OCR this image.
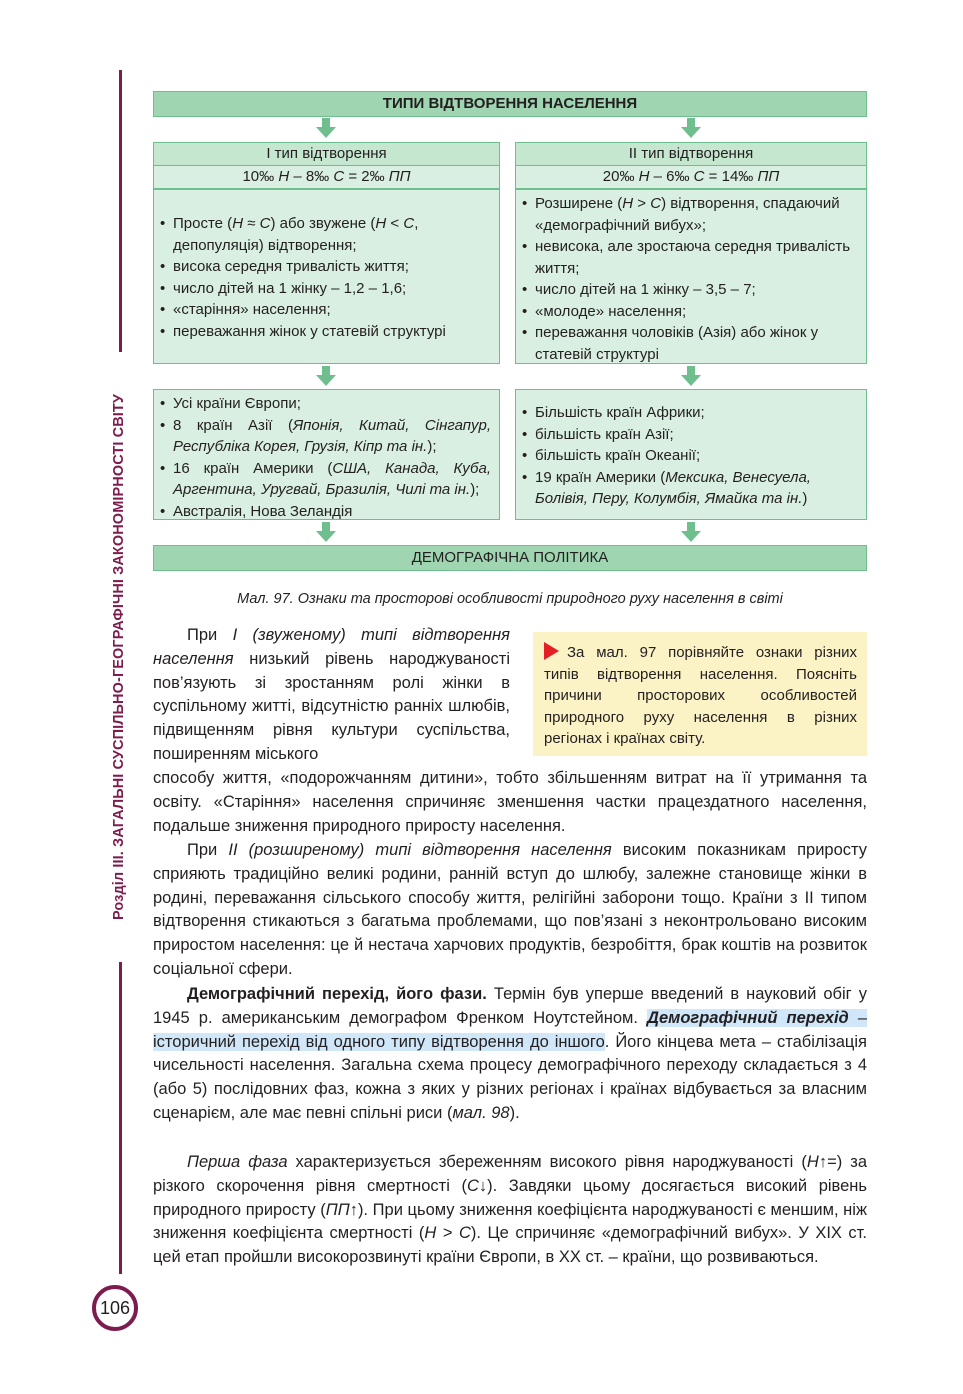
Розділ ІІІ. ЗАГАЛЬНІ СУСПІЛЬНО-ГЕОГРАФІЧНІ ЗАКОНОМІРНОСТІ СВІТУ
106
ТИПИ ВІДТВОРЕННЯ НАСЕЛЕННЯ
І тип відтворення
10‰ Н – 8‰ С = 2‰ ПП
• Просте (Н ≈ С) або звужене (Н < С, депопуляція) відтворення;
• висока середня тривалість життя;
• число дітей на 1 жінку – 1,2 – 1,6;
• «старіння» населення;
• переважання жінок у статевій структурі
ІІ тип відтворення
20‰ Н – 6‰ С = 14‰ ПП
• Розширене (Н > С) відтворення, спадаючий «демографічний вибух»;
• невисока, але зростаюча середня тривалість життя;
• число дітей на 1 жінку – 3,5 – 7;
• «молоде» населення;
• переважання чоловіків (Азія) або жінок у статевій структурі
• Усі країни Європи;
• 8 країн Азії (Японія, Китай, Сінгапур, Республіка Корея, Грузія, Кіпр та ін.);
• 16 країн Америки (США, Канада, Куба, Аргентина, Уругвай, Бразилія, Чилі та ін.);
• Австралія, Нова Зеландія
• Більшість країн Африки;
• більшість країн Азії;
• більшість країн Океанії;
• 19 країн Америки (Мексика, Венесуела, Болівія, Перу, Колумбія, Ямайка та ін.)
ДЕМОГРАФІЧНА ПОЛІТИКА
Мал. 97. Ознаки та просторові особливості природного руху населення в світі
За мал. 97 порівняйте ознаки різних типів відтворення населення. Поясніть причини просторових особливостей природного руху населення в різних регіонах і країнах світу.
При І (звуженому) типі відтворення населення низький рівень народжуваності пов’язують зі зростанням ролі жінки в суспільному житті, відсутністю ранніх шлюбів, підвищенням рівня культури суспільства, поширенням міського
способу життя, «подорожчанням дитини», тобто збільшенням витрат на її утримання та освіту. «Старіння» населення спричиняє зменшення частки працездатного населення, подальше зниження природного приросту населення.
При ІІ (розширеному) типі відтворення населення високим показникам приросту сприяють традиційно великі родини, ранній вступ до шлюбу, залежне становище жінки в родині, переважання сільського способу життя, релігійні заборони тощо. Країни з ІІ типом відтворення стикаються з багатьма проблемами, що пов’язані з неконтрольовано високим приростом населення: це й нестача харчових продуктів, безробіття, брак коштів на розвиток соціальної сфери.
Демографічний перехід, його фази. Термін був уперше введений в науковий обіг у 1945 р. американським демографом Френком Ноутстейном. Демографічний перехід – історичний перехід від одного типу відтворення до іншого. Його кінцева мета – стабілізація чисельності населення. Загальна схема процесу демографічного переходу складається з 4 (або 5) послідовних фаз, кожна з яких у різних регіонах і країнах відбувається за власним сценарієм, але має певні спільні риси (мал. 98).
Перша фаза характеризується збереженням високого рівня народжуваності (Н↑=) за різкого скорочення рівня смертності (С↓). Завдяки цьому досягається високий рівень природного приросту (ПП↑). При цьому зниження коефіцієнта народжуваності є меншим, ніж зниження коефіцієнта смертності (Н > С). Це спричиняє «демографічний вибух». У ХІХ ст. цей етап пройшли високорозвинуті країни Європи, в ХХ ст. – країни, що розвиваються.
